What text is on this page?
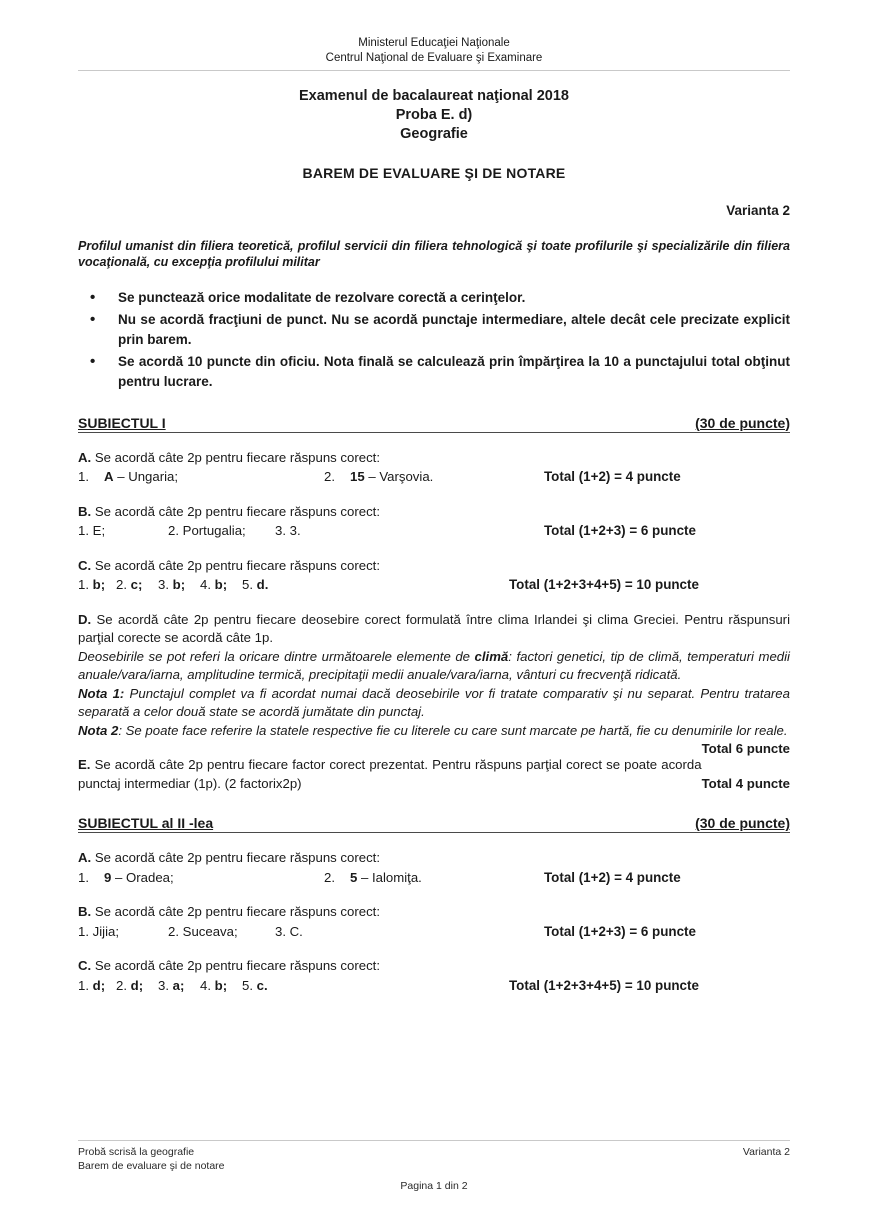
Ministerul Educaţiei Naţionale
Centrul Naţional de Evaluare şi Examinare
Examenul de bacalaureat naţional 2018
Proba E. d)
Geografie
BAREM DE EVALUARE ŞI DE NOTARE
Varianta 2
Profilul umanist din filiera teoretică, profilul servicii din filiera tehnologică şi toate profilurile şi specializările din filiera vocaţională, cu excepţia profilului militar
• Se punctează orice modalitate de rezolvare corectă a cerinţelor.
• Nu se acordă fracţiuni de punct. Nu se acordă punctaje intermediare, altele decât cele precizate explicit prin barem.
• Se acordă 10 puncte din oficiu. Nota finală se calculează prin împărţirea la 10 a punctajului total obţinut pentru lucrare.
SUBIECTUL I	(30 de puncte)
A. Se acordă câte 2p pentru fiecare răspuns corect:
1.	A – Ungaria;	2.	15 – Varşovia.	Total (1+2) = 4 puncte
B. Se acordă câte 2p pentru fiecare răspuns corect:
1. E;	2. Portugalia;	3. 3.	Total (1+2+3) = 6 puncte
C. Se acordă câte 2p pentru fiecare răspuns corect:
1. b; 2. c;	3. b;	4. b;	5. d.	Total (1+2+3+4+5) = 10 puncte
D. Se acordă câte 2p pentru fiecare deosebire corect formulată între clima Irlandei şi clima Greciei. Pentru răspunsuri parţial corecte se acordă câte 1p.
Deosebirile se pot referi la oricare dintre următoarele elemente de climă: factori genetici, tip de climă, temperaturi medii anuale/vara/iarna, amplitudine termică, precipitaţii medii anuale/vara/iarna, vânturi cu frecvenţă ridicată.
Nota 1: Punctajul complet va fi acordat numai dacă deosebirile vor fi tratate comparativ şi nu separat. Pentru tratarea separată a celor două state se acordă jumătate din punctaj.
Nota 2: Se poate face referire la statele respective fie cu literele cu care sunt marcate pe hartă, fie cu denumirile lor reale.
Total 6 puncte
E. Se acordă câte 2p pentru fiecare factor corect prezentat. Pentru răspuns parţial corect se poate acorda punctaj intermediar (1p). (2 factorix2p)	Total 4 puncte
SUBIECTUL al II -lea	(30 de puncte)
A. Se acordă câte 2p pentru fiecare răspuns corect:
1.	9 – Oradea;	2.	5 – Ialomiţa.	Total (1+2) = 4 puncte
B. Se acordă câte 2p pentru fiecare răspuns corect:
1. Jijia;	2. Suceava;	3. C.	Total (1+2+3) = 6 puncte
C. Se acordă câte 2p pentru fiecare răspuns corect:
1. d; 2. d;	3. a;	4. b;	5. c.	Total (1+2+3+4+5) = 10 puncte
Probă scrisă la geografie
Barem de evaluare şi de notare
Varianta 2
Pagina 1 din 2
